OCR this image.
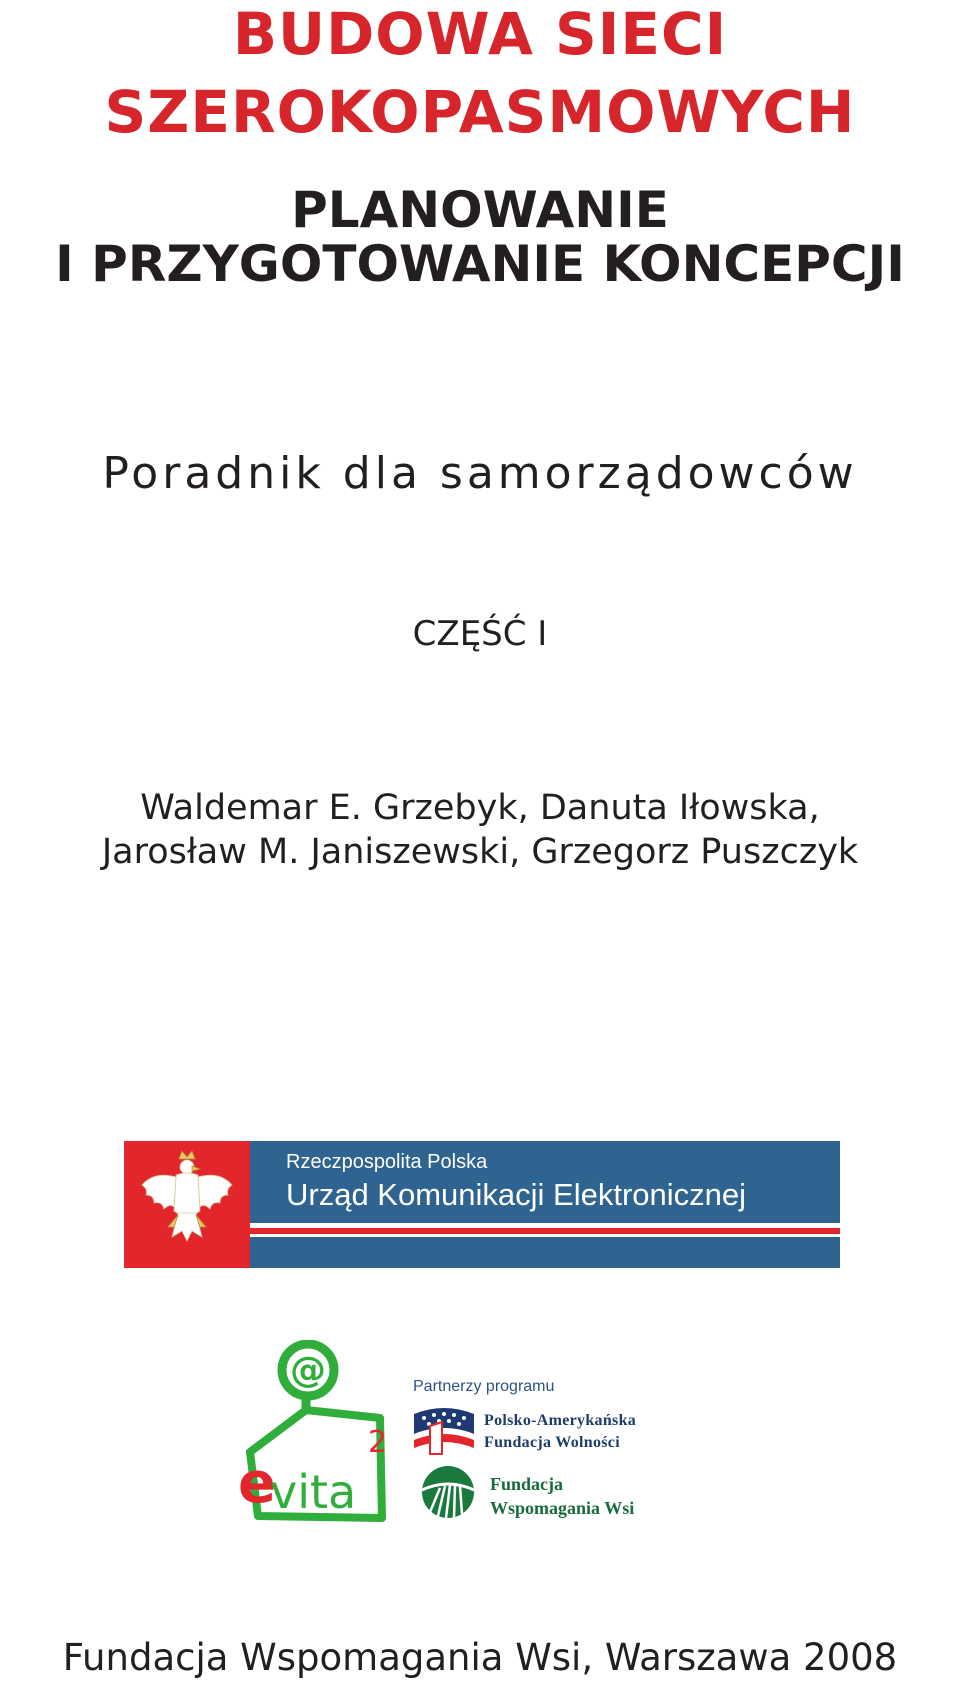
BUDOWA SIECI
SZEROKOPASMOWYCH
PLANOWANIE
I PRZYGOTOWANIE KONCEPCJI
Poradnik dla samorządowców
CZĘŚĆ I
Waldemar E. Grzebyk, Danuta Iłowska,
Jarosław M. Janiszewski, Grzegorz Puszczyk
Rzeczpospolita Polska
Urząd Komunikacji Elektronicznej
@
e
vita
2
Partnerzy programu
Polsko-Amerykańska
Fundacja Wolności
Fundacja
Wspomagania Wsi
Fundacja Wspomagania Wsi, Warszawa 2008
